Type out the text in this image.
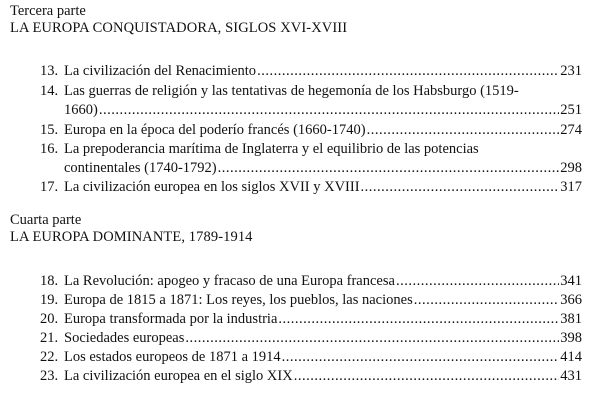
Tercera parte
LA EUROPA CONQUISTADORA, SIGLOS XVI-XVIII
13. La civilización del Renacimiento .....	231
14. Las guerras de religión y las tentativas de hegemonía de los Habsburgo (1519-
1660) .....	251
15. Europa en la época del poderío francés (1660-1740) .....	274
16. La prepoderancia marítima de Inglaterra y el equilibrio de las potencias
continentales (1740-1792) .....	298
17. La civilización europea en los siglos XVII y XVIII .....	317
Cuarta parte
LA EUROPA DOMINANTE, 1789-1914
18. La Revolución: apogeo y fracaso de una Europa francesa .....	341
19. Europa de 1815 a 1871: Los reyes, los pueblos, las naciones .....	366
20. Europa transformada por la industria .....	381
21. Sociedades europeas .....	398
22. Los estados europeos de 1871 a 1914 .....	414
23. La civilización europea en el siglo XIX .....	431
